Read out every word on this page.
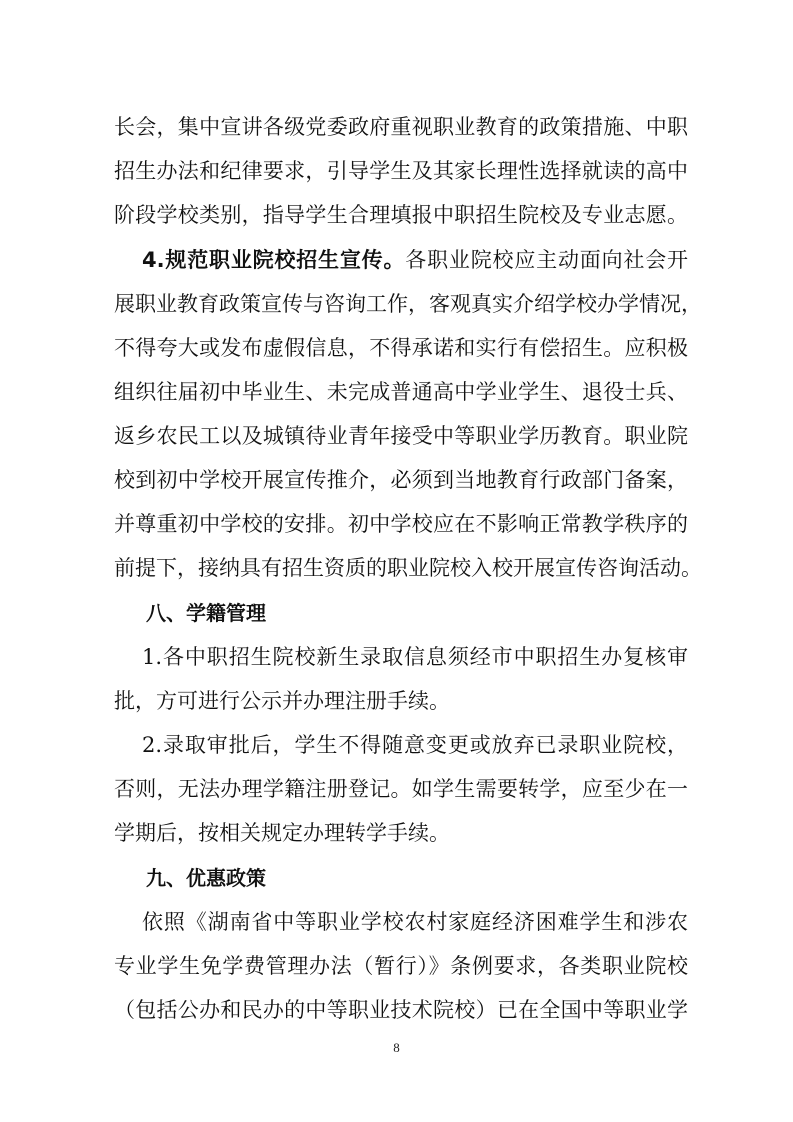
长会，集中宣讲各级党委政府重视职业教育的政策措施、中职
招生办法和纪律要求，引导学生及其家长理性选择就读的高中
阶段学校类别，指导学生合理填报中职招生院校及专业志愿。
4.规范职业院校招生宣传。各职业院校应主动面向社会开
展职业教育政策宣传与咨询工作，客观真实介绍学校办学情况，
不得夸大或发布虚假信息，不得承诺和实行有偿招生。应积极
组织往届初中毕业生、未完成普通高中学业学生、退役士兵、
返乡农民工以及城镇待业青年接受中等职业学历教育。职业院
校到初中学校开展宣传推介，必须到当地教育行政部门备案，
并尊重初中学校的安排。初中学校应在不影响正常教学秩序的
前提下，接纳具有招生资质的职业院校入校开展宣传咨询活动。
八、学籍管理
1.各中职招生院校新生录取信息须经市中职招生办复核审
批，方可进行公示并办理注册手续。
2.录取审批后，学生不得随意变更或放弃已录职业院校，
否则，无法办理学籍注册登记。如学生需要转学，应至少在一
学期后，按相关规定办理转学手续。
九、优惠政策
依照《湖南省中等职业学校农村家庭经济困难学生和涉农
专业学生免学费管理办法（暂行）》条例要求，各类职业院校
（包括公办和民办的中等职业技术院校）已在全国中等职业学
8
